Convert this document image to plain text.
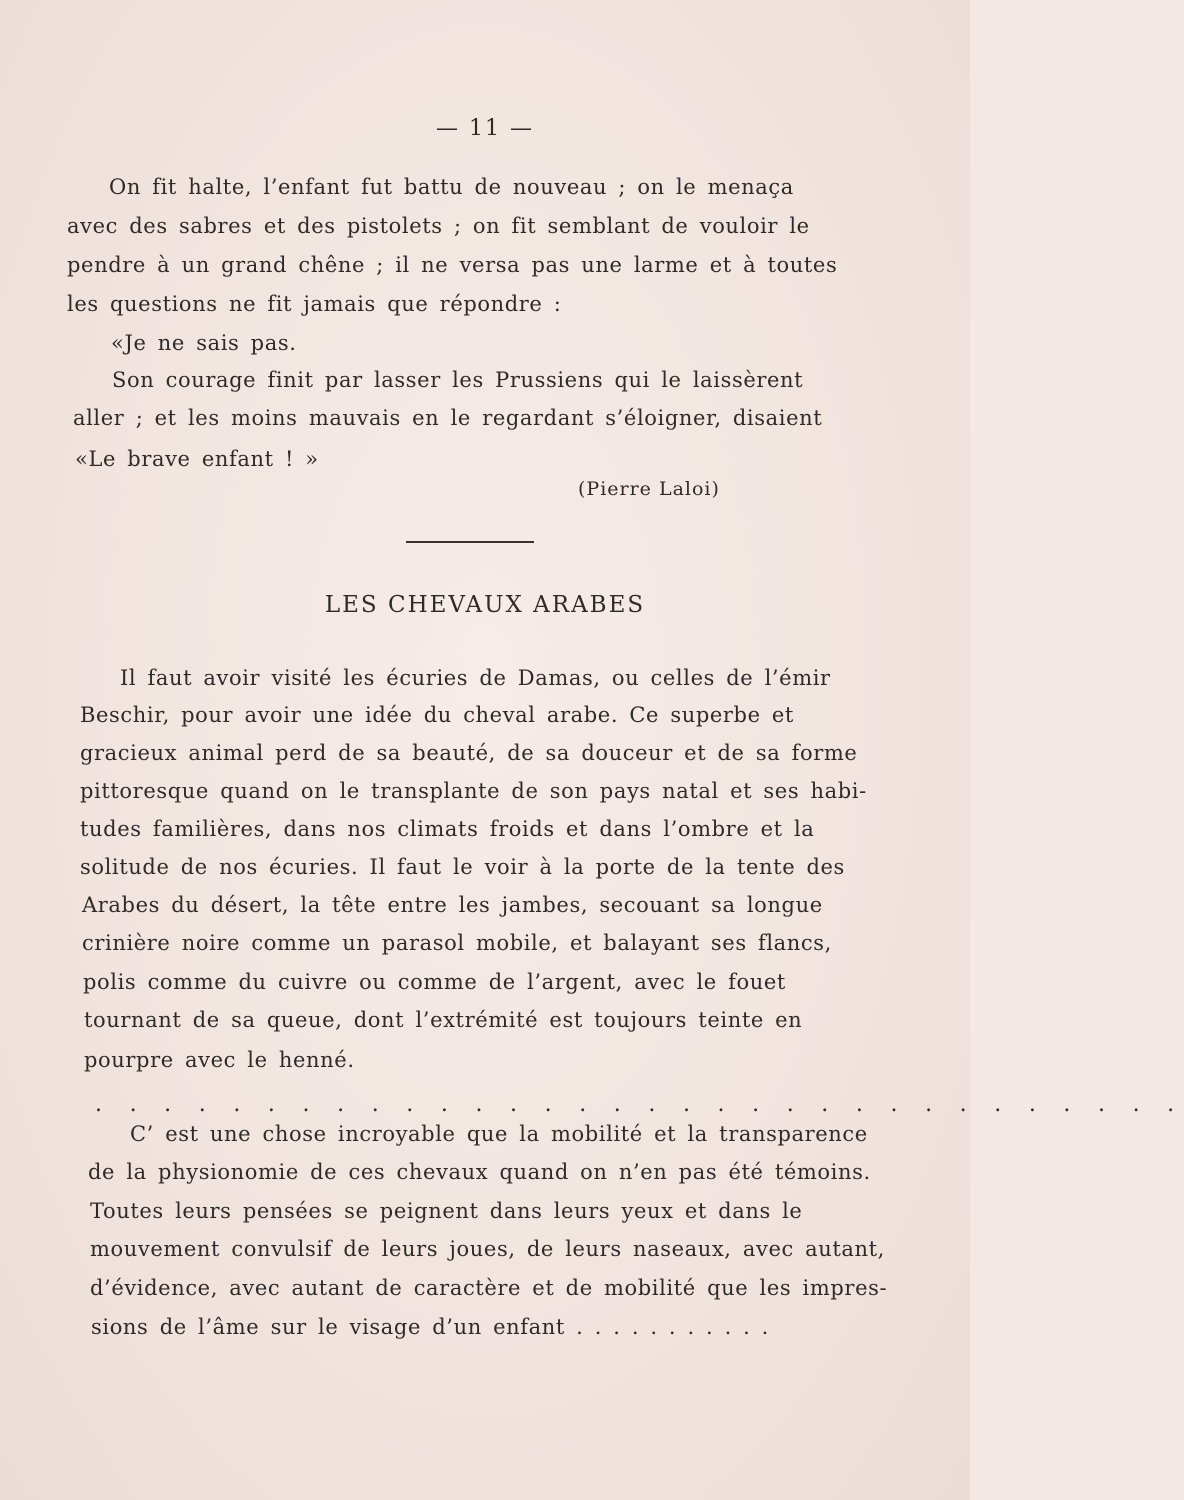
— 11 —
On fit halte, l’enfant fut battu de nouveau ; on le menaça
avec des sabres et des pistolets ; on fit semblant de vouloir le
pendre à un grand chêne ; il ne versa pas une larme et à toutes
les questions ne fit jamais que répondre :
«Je ne sais pas.
Son courage finit par lasser les Prussiens qui le laissèrent
aller ; et les moins mauvais en le regardant s’éloigner, disaient
«Le brave enfant ! »
(Pierre Laloi)
LES CHEVAUX ARABES
Il faut avoir visité les écuries de Damas, ou celles de l’émir
Beschir, pour avoir une idée du cheval arabe. Ce superbe et
gracieux animal perd de sa beauté, de sa douceur et de sa forme
pittoresque quand on le transplante de son pays natal et ses habi-
tudes familières, dans nos climats froids et dans l’ombre et la
solitude de nos écuries. Il faut le voir à la porte de la tente des
Arabes du désert, la tête entre les jambes, secouant sa longue
crinière noire comme un parasol mobile, et balayant ses flancs,
polis comme du cuivre ou comme de l’argent, avec le fouet
tournant de sa queue, dont l’extrémité est toujours teinte en
pourpre avec le henné.
. . . . . . . . . . . . . . . . . . . . . . . . . . . . . . . .
C’ est une chose incroyable que la mobilité et la transparence
de la physionomie de ces chevaux quand on n’en pas été témoins.
Toutes leurs pensées se peignent dans leurs yeux et dans le
mouvement convulsif de leurs joues, de leurs naseaux, avec autant,
d’évidence, avec autant de caractère et de mobilité que les impres-
sions de l’âme sur le visage d’un enfant . . . . . . . . . . .
